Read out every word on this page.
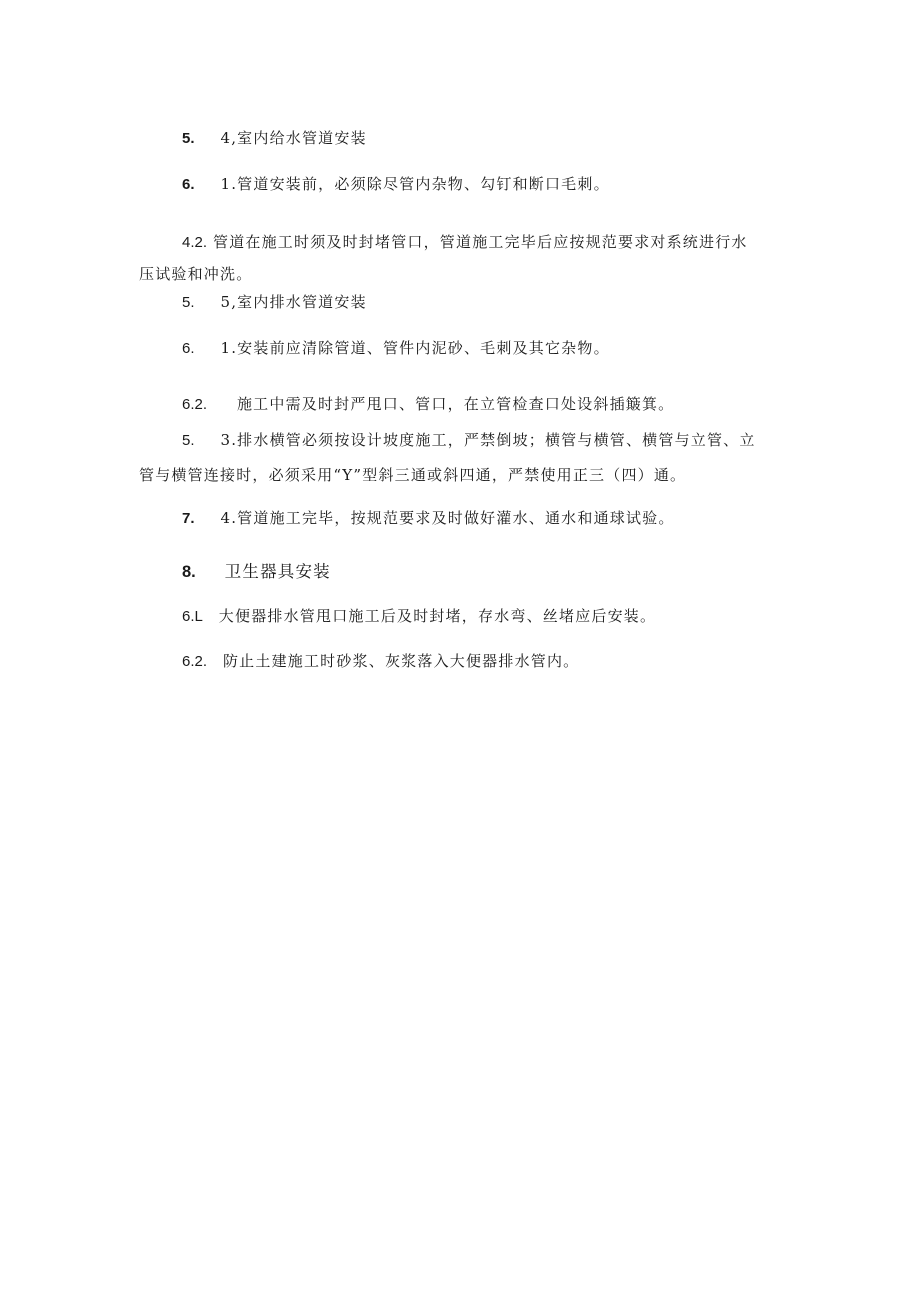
5. 4,室内给水管道安装
6. 1.管道安装前，必须除尽管内杂物、勾钉和断口毛刺。
4.2. 管道在施工时须及时封堵管口，管道施工完毕后应按规范要求对系统进行水
压试验和冲洗。
5. 5,室内排水管道安装
6. 1.安装前应清除管道、管件内泥砂、毛刺及其它杂物。
6.2. 施工中需及时封严甩口、管口，在立管检查口处设斜插簸箕。
5. 3.排水横管必须按设计坡度施工，严禁倒坡；横管与横管、横管与立管、立
管与横管连接时，必须采用“Y”型斜三通或斜四通，严禁使用正三（四）通。
7. 4.管道施工完毕，按规范要求及时做好灌水、通水和通球试验。
8. 卫生器具安装
6.L 大便器排水管甩口施工后及时封堵，存水弯、丝堵应后安装。
6.2. 防止土建施工时砂浆、灰浆落入大便器排水管内。
